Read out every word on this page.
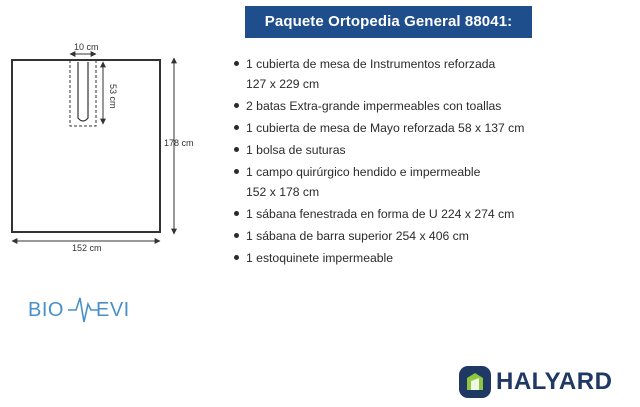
10 cm
53 cm
178 cm
152 cm
Paquete Ortopedia General 88041:
1 cubierta de mesa de Instrumentos reforzada
127 x 229 cm
2 batas Extra-grande impermeables con toallas
1 cubierta de mesa de Mayo reforzada 58 x 137 cm
1 bolsa de suturas
1 campo quirúrgico hendido e impermeable
152 x 178 cm
1 sábana fenestrada en forma de U 224 x 274 cm
1 sábana de barra superior 254 x 406 cm
1 estoquinete impermeable
BIO EVI
HALYARD
